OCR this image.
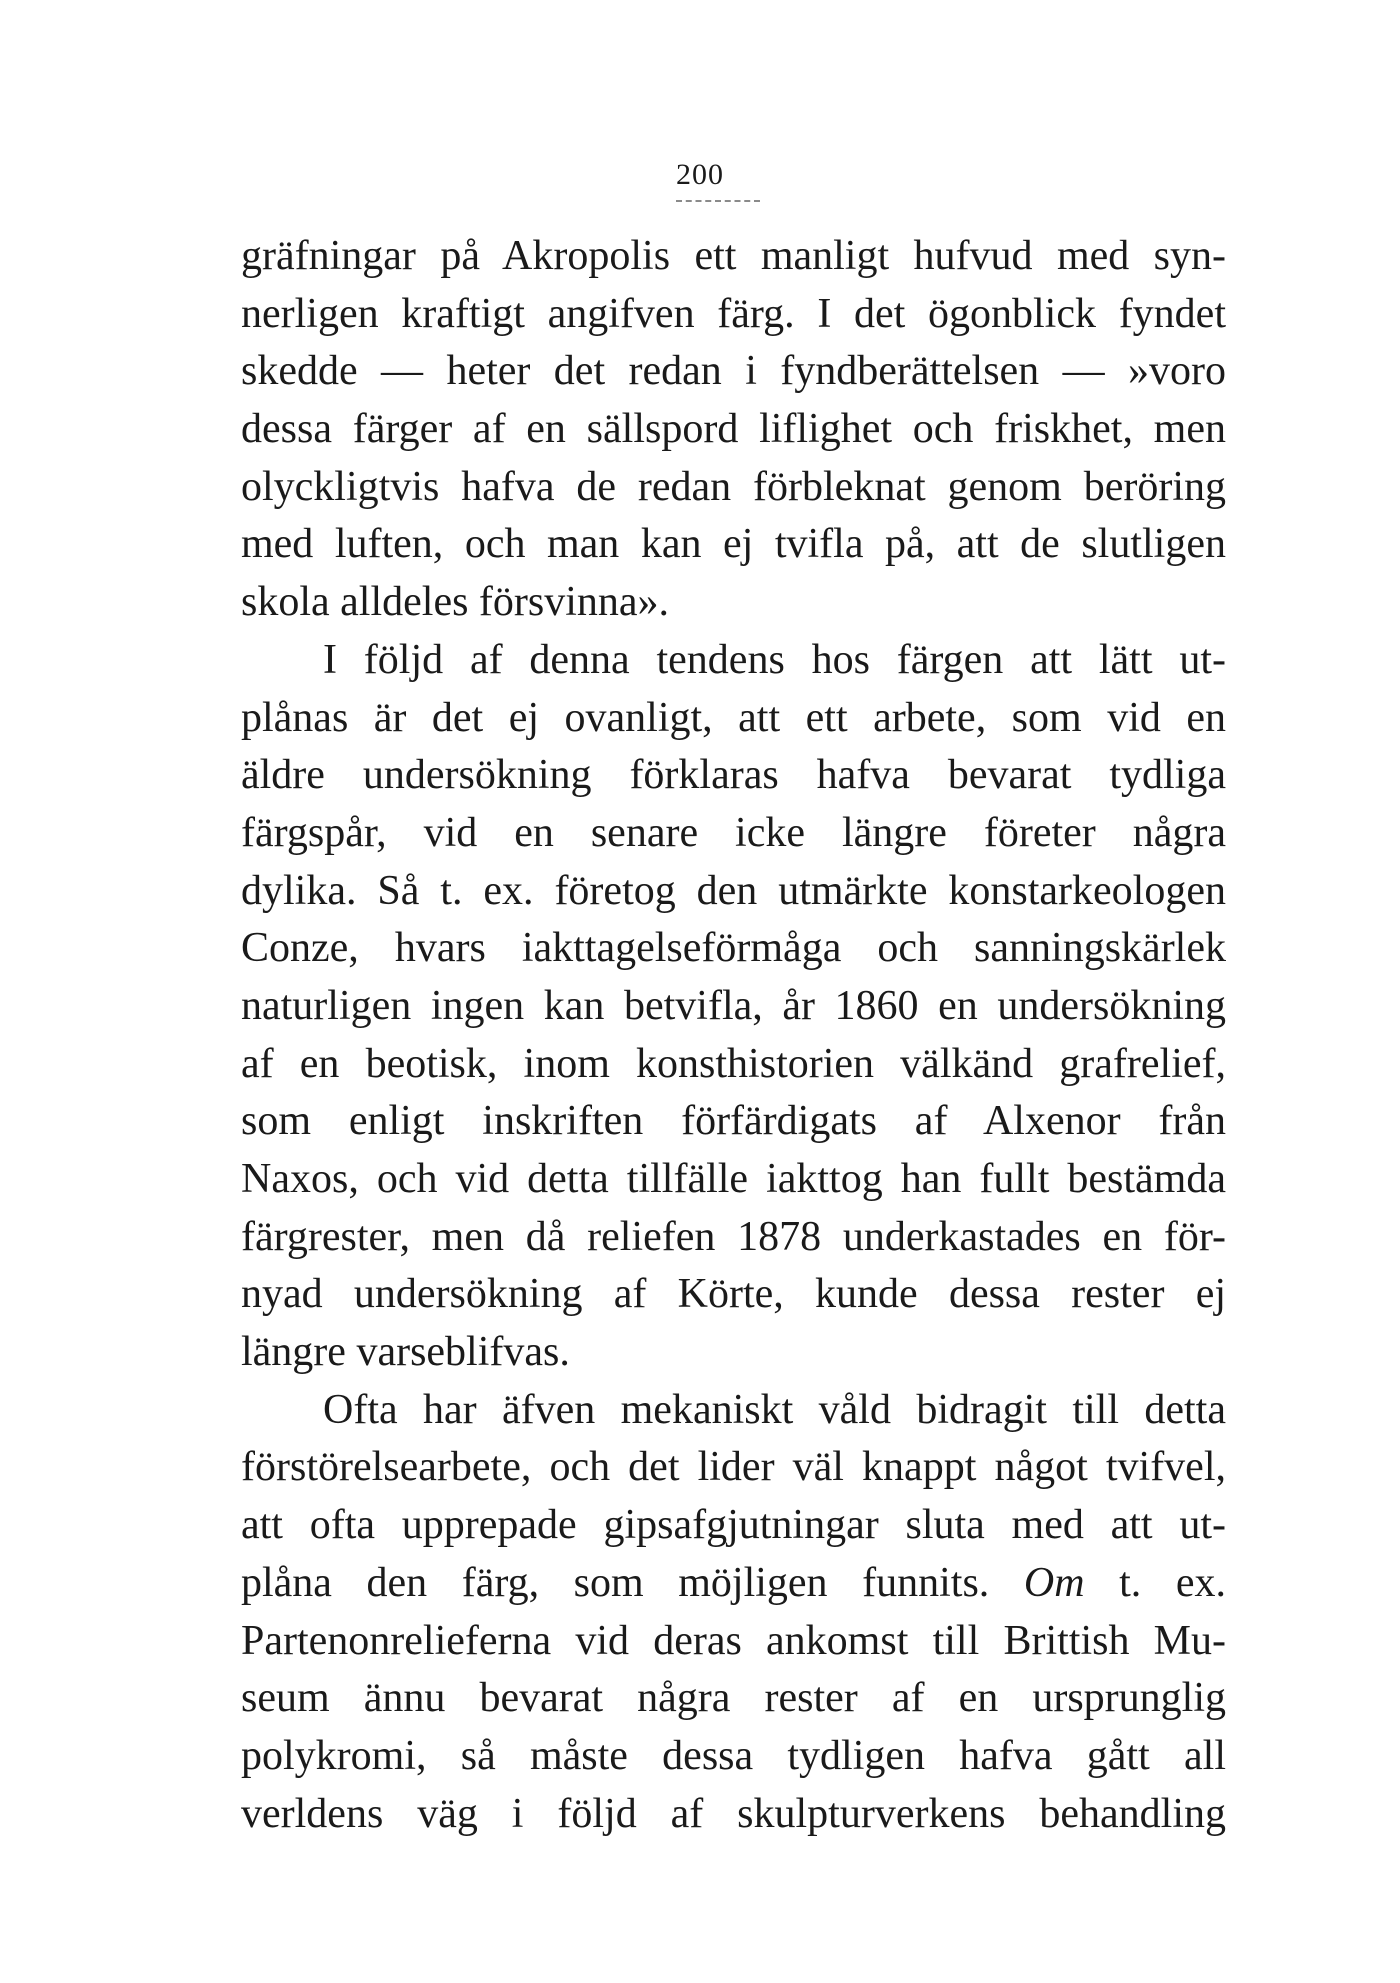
200
gräfningar på Akropolis ett manligt hufvud med syn-
nerligen kraftigt angifven färg. I det ögonblick fyndet
skedde — heter det redan i fyndberättelsen — »voro
dessa färger af en sällspord liflighet och friskhet, men
olyckligtvis hafva de redan förbleknat genom beröring
med luften, och man kan ej tvifla på, att de slutligen
skola alldeles försvinna».
I följd af denna tendens hos färgen att lätt ut-
plånas är det ej ovanligt, att ett arbete, som vid en
äldre undersökning förklaras hafva bevarat tydliga
färgspår, vid en senare icke längre företer några
dylika. Så t. ex. företog den utmärkte konstarkeologen
Conze, hvars iakttagelseförmåga och sanningskärlek
naturligen ingen kan betvifla, år 1860 en undersökning
af en beotisk, inom konsthistorien välkänd grafrelief,
som enligt inskriften förfärdigats af Alxenor från
Naxos, och vid detta tillfälle iakttog han fullt bestämda
färgrester, men då reliefen 1878 underkastades en för-
nyad undersökning af Körte, kunde dessa rester ej
längre varseblifvas.
Ofta har äfven mekaniskt våld bidragit till detta
förstörelsearbete, och det lider väl knappt något tvifvel,
att ofta upprepade gipsafgjutningar sluta med att ut-
plåna den färg, som möjligen funnits. Om t. ex.
Partenonrelieferna vid deras ankomst till Brittish Mu-
seum ännu bevarat några rester af en ursprunglig
polykromi, så måste dessa tydligen hafva gått all
verldens väg i följd af skulpturverkens behandling
